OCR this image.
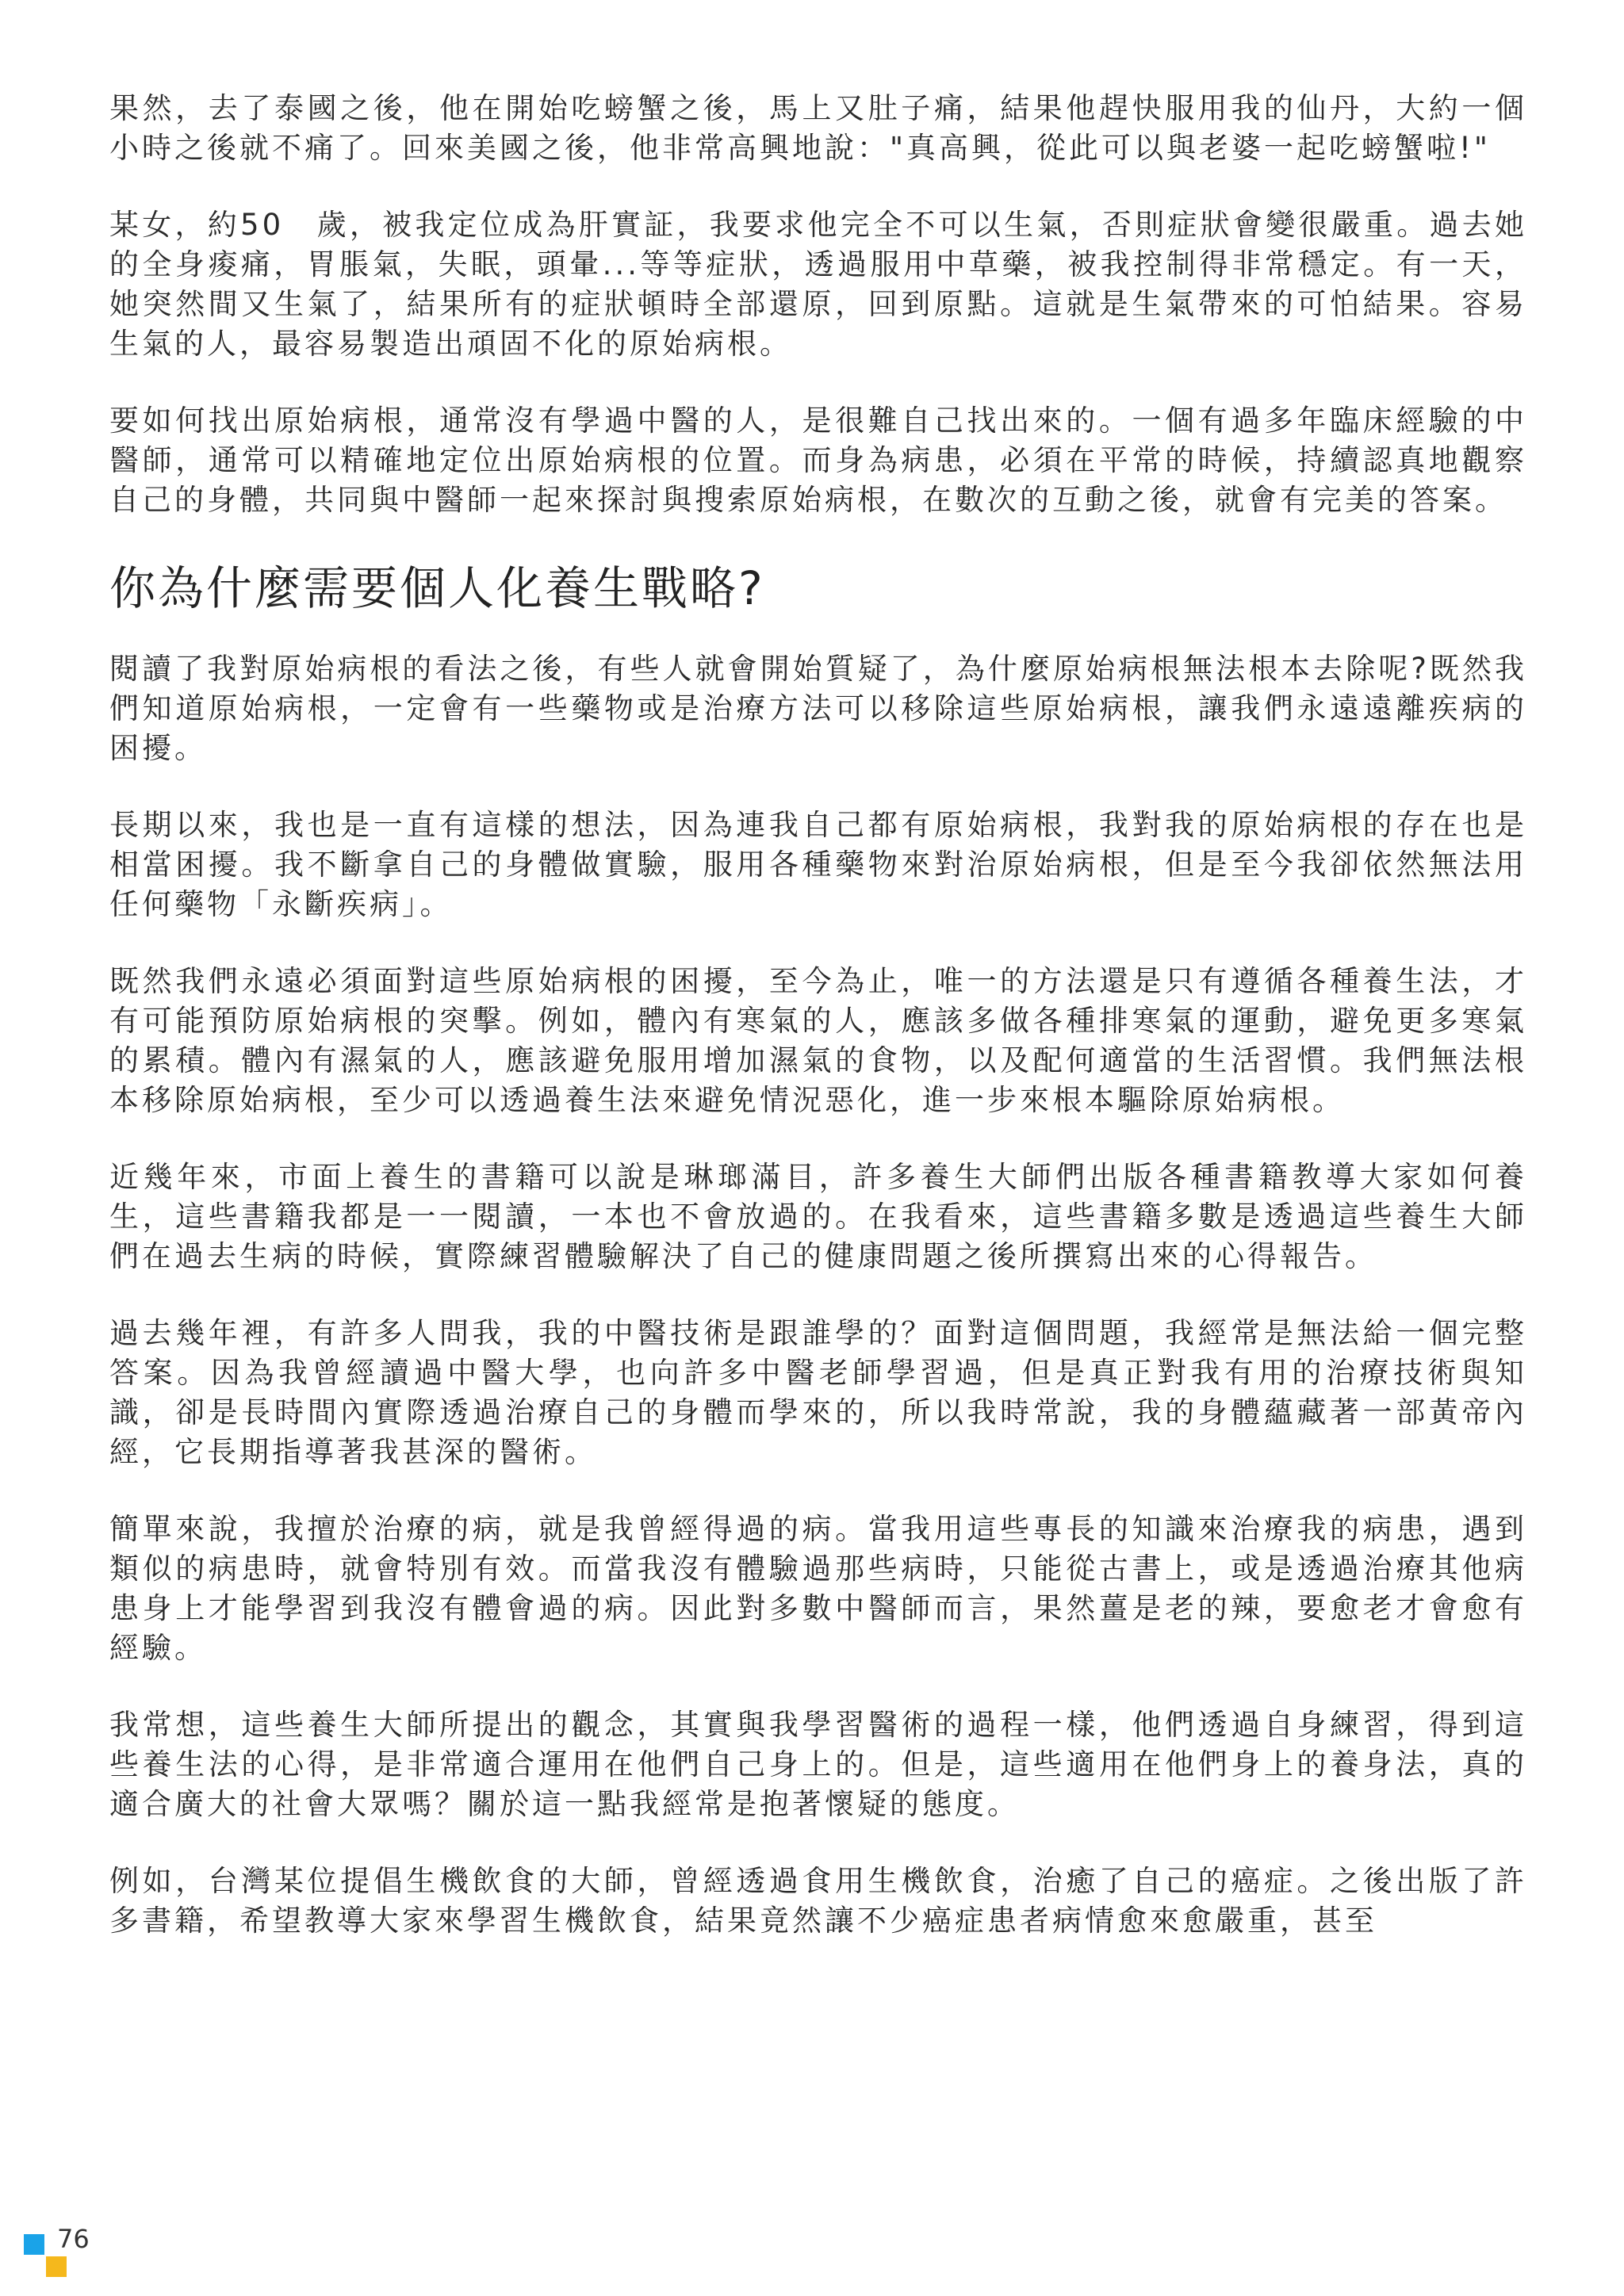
果然，去了泰國之後，他在開始吃螃蟹之後，馬上又肚子痛，結果他趕快服用我的仙丹，大約一個小時之後就不痛了。回來美國之後，他非常高興地說："真高興，從此可以與老婆一起吃螃蟹啦!"

某女，約50　歲，被我定位成為肝實証，我要求他完全不可以生氣，否則症狀會變很嚴重。過去她的全身痠痛，胃脹氣，失眠，頭暈...等等症狀，透過服用中草藥，被我控制得非常穩定。有一天，她突然間又生氣了，結果所有的症狀頓時全部還原，回到原點。這就是生氣帶來的可怕結果。容易生氣的人，最容易製造出頑固不化的原始病根。

要如何找出原始病根，通常沒有學過中醫的人，是很難自己找出來的。一個有過多年臨床經驗的中醫師，通常可以精確地定位出原始病根的位置。而身為病患，必須在平常的時候，持續認真地觀察自己的身體，共同與中醫師一起來探討與搜索原始病根，在數次的互動之後，就會有完美的答案。

你為什麼需要個人化養生戰略?

閱讀了我對原始病根的看法之後，有些人就會開始質疑了，為什麼原始病根無法根本去除呢?既然我們知道原始病根，一定會有一些藥物或是治療方法可以移除這些原始病根，讓我們永遠遠離疾病的困擾。

長期以來，我也是一直有這樣的想法，因為連我自己都有原始病根，我對我的原始病根的存在也是相當困擾。我不斷拿自己的身體做實驗，服用各種藥物來對治原始病根，但是至今我卻依然無法用任何藥物「永斷疾病」。

既然我們永遠必須面對這些原始病根的困擾，至今為止，唯一的方法還是只有遵循各種養生法，才有可能預防原始病根的突擊。例如，體內有寒氣的人，應該多做各種排寒氣的運動，避免更多寒氣的累積。體內有濕氣的人，應該避免服用增加濕氣的食物，以及配何適當的生活習慣。我們無法根本移除原始病根，至少可以透過養生法來避免情況惡化，進一步來根本驅除原始病根。

近幾年來，市面上養生的書籍可以說是琳瑯滿目，許多養生大師們出版各種書籍教導大家如何養生，這些書籍我都是一一閱讀，一本也不會放過的。在我看來，這些書籍多數是透過這些養生大師們在過去生病的時候，實際練習體驗解決了自己的健康問題之後所撰寫出來的心得報告。

過去幾年裡，有許多人問我，我的中醫技術是跟誰學的？面對這個問題，我經常是無法給一個完整答案。因為我曾經讀過中醫大學，也向許多中醫老師學習過，但是真正對我有用的治療技術與知識，卻是長時間內實際透過治療自己的身體而學來的，所以我時常說，我的身體蘊藏著一部黃帝內經，它長期指導著我甚深的醫術。

簡單來說，我擅於治療的病，就是我曾經得過的病。當我用這些專長的知識來治療我的病患，遇到類似的病患時，就會特別有效。而當我沒有體驗過那些病時，只能從古書上，或是透過治療其他病患身上才能學習到我沒有體會過的病。因此對多數中醫師而言，果然薑是老的辣，要愈老才會愈有經驗。

我常想，這些養生大師所提出的觀念，其實與我學習醫術的過程一樣，他們透過自身練習，得到這些養生法的心得，是非常適合運用在他們自己身上的。但是，這些適用在他們身上的養身法，真的適合廣大的社會大眾嗎？關於這一點我經常是抱著懷疑的態度。

例如，台灣某位提倡生機飲食的大師，曾經透過食用生機飲食，治癒了自己的癌症。之後出版了許多書籍，希望教導大家來學習生機飲食，結果竟然讓不少癌症患者病情愈來愈嚴重，甚至

76
